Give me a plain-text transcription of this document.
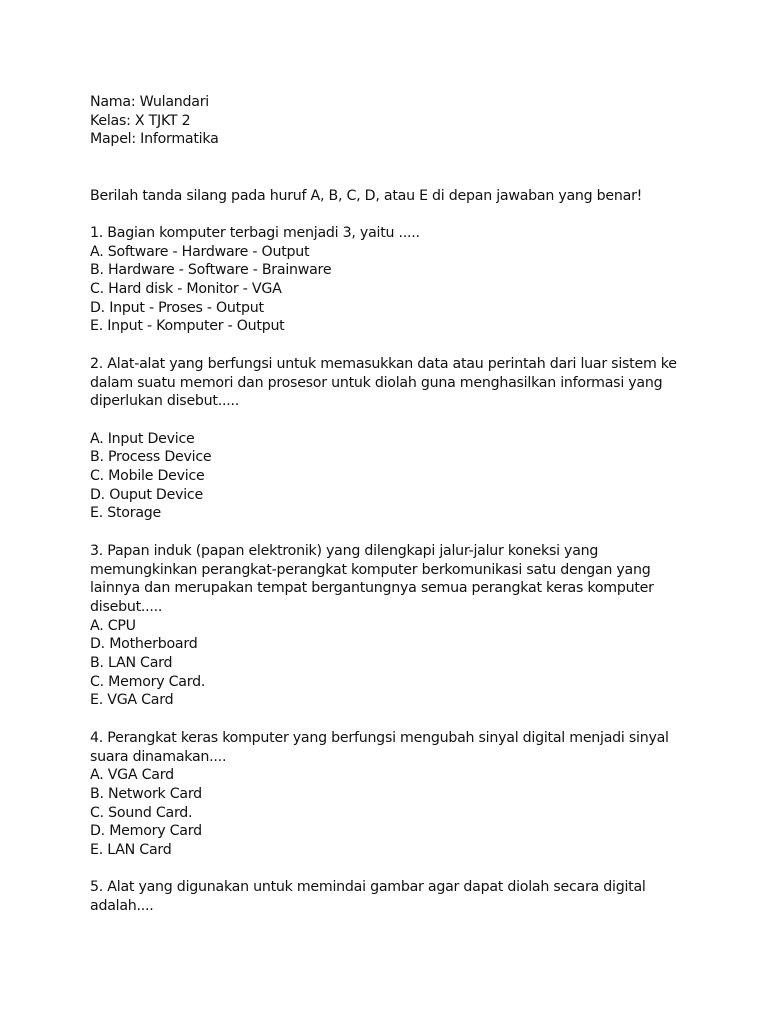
Nama: Wulandari
Kelas: X TJKT 2
Mapel: Informatika
Berilah tanda silang pada huruf A, B, C, D, atau E di depan jawaban yang benar!
1. Bagian komputer terbagi menjadi 3, yaitu .....
A. Software - Hardware - Output
B. Hardware - Software - Brainware
C. Hard disk - Monitor - VGA
D. Input - Proses - Output
E. Input - Komputer - Output
2. Alat-alat yang berfungsi untuk memasukkan data atau perintah dari luar sistem ke
dalam suatu memori dan prosesor untuk diolah guna menghasilkan informasi yang
diperlukan disebut.....
A. Input Device
B. Process Device
C. Mobile Device
D. Ouput Device
E. Storage
3. Papan induk (papan elektronik) yang dilengkapi jalur-jalur koneksi yang
memungkinkan perangkat-perangkat komputer berkomunikasi satu dengan yang
lainnya dan merupakan tempat bergantungnya semua perangkat keras komputer
disebut.....
A. CPU
D. Motherboard
B. LAN Card
C. Memory Card.
E. VGA Card
4. Perangkat keras komputer yang berfungsi mengubah sinyal digital menjadi sinyal
suara dinamakan....
A. VGA Card
B. Network Card
C. Sound Card.
D. Memory Card
E. LAN Card
5. Alat yang digunakan untuk memindai gambar agar dapat diolah secara digital
adalah....
